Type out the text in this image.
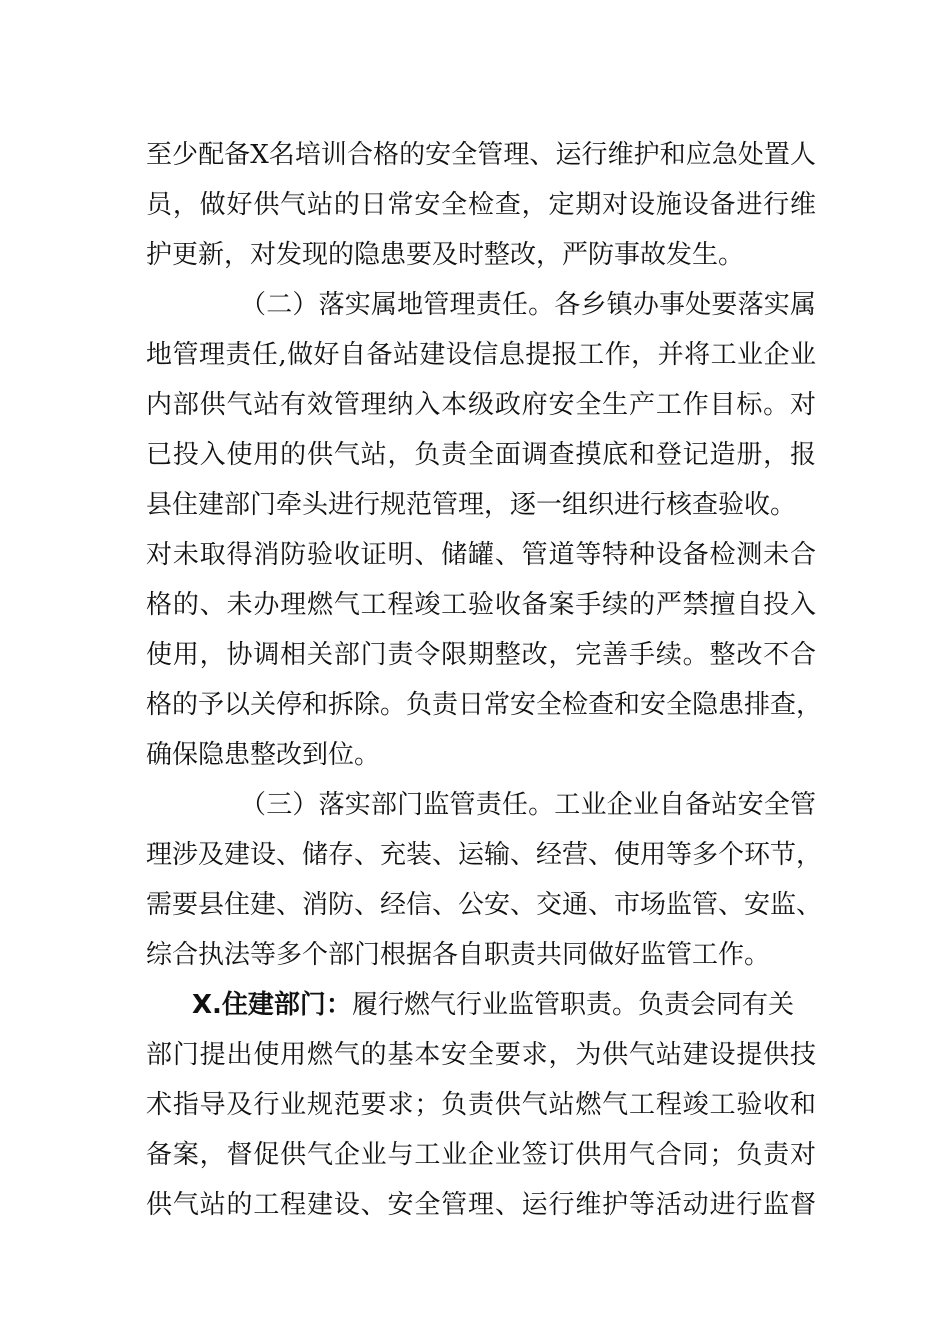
至少配备X名培训合格的安全管理、运行维护和应急处置人
员，做好供气站的日常安全检查，定期对设施设备进行维
护更新，对发现的隐患要及时整改，严防事故发生。
（二）落实属地管理责任。各乡镇办事处要落实属
地管理责任,做好自备站建设信息提报工作，并将工业企业
内部供气站有效管理纳入本级政府安全生产工作目标。对
已投入使用的供气站，负责全面调查摸底和登记造册，报
县住建部门牵头进行规范管理，逐一组织进行核查验收。
对未取得消防验收证明、储罐、管道等特种设备检测未合
格的、未办理燃气工程竣工验收备案手续的严禁擅自投入
使用，协调相关部门责令限期整改，完善手续。整改不合
格的予以关停和拆除。负责日常安全检查和安全隐患排查，
确保隐患整改到位。
（三）落实部门监管责任。工业企业自备站安全管
理涉及建设、储存、充装、运输、经营、使用等多个环节，
需要县住建、消防、经信、公安、交通、市场监管、安监、
综合执法等多个部门根据各自职责共同做好监管工作。
X.住建部门：履行燃气行业监管职责。负责会同有关
部门提出使用燃气的基本安全要求，为供气站建设提供技
术指导及行业规范要求；负责供气站燃气工程竣工验收和
备案，督促供气企业与工业企业签订供用气合同；负责对
供气站的工程建设、安全管理、运行维护等活动进行监督
